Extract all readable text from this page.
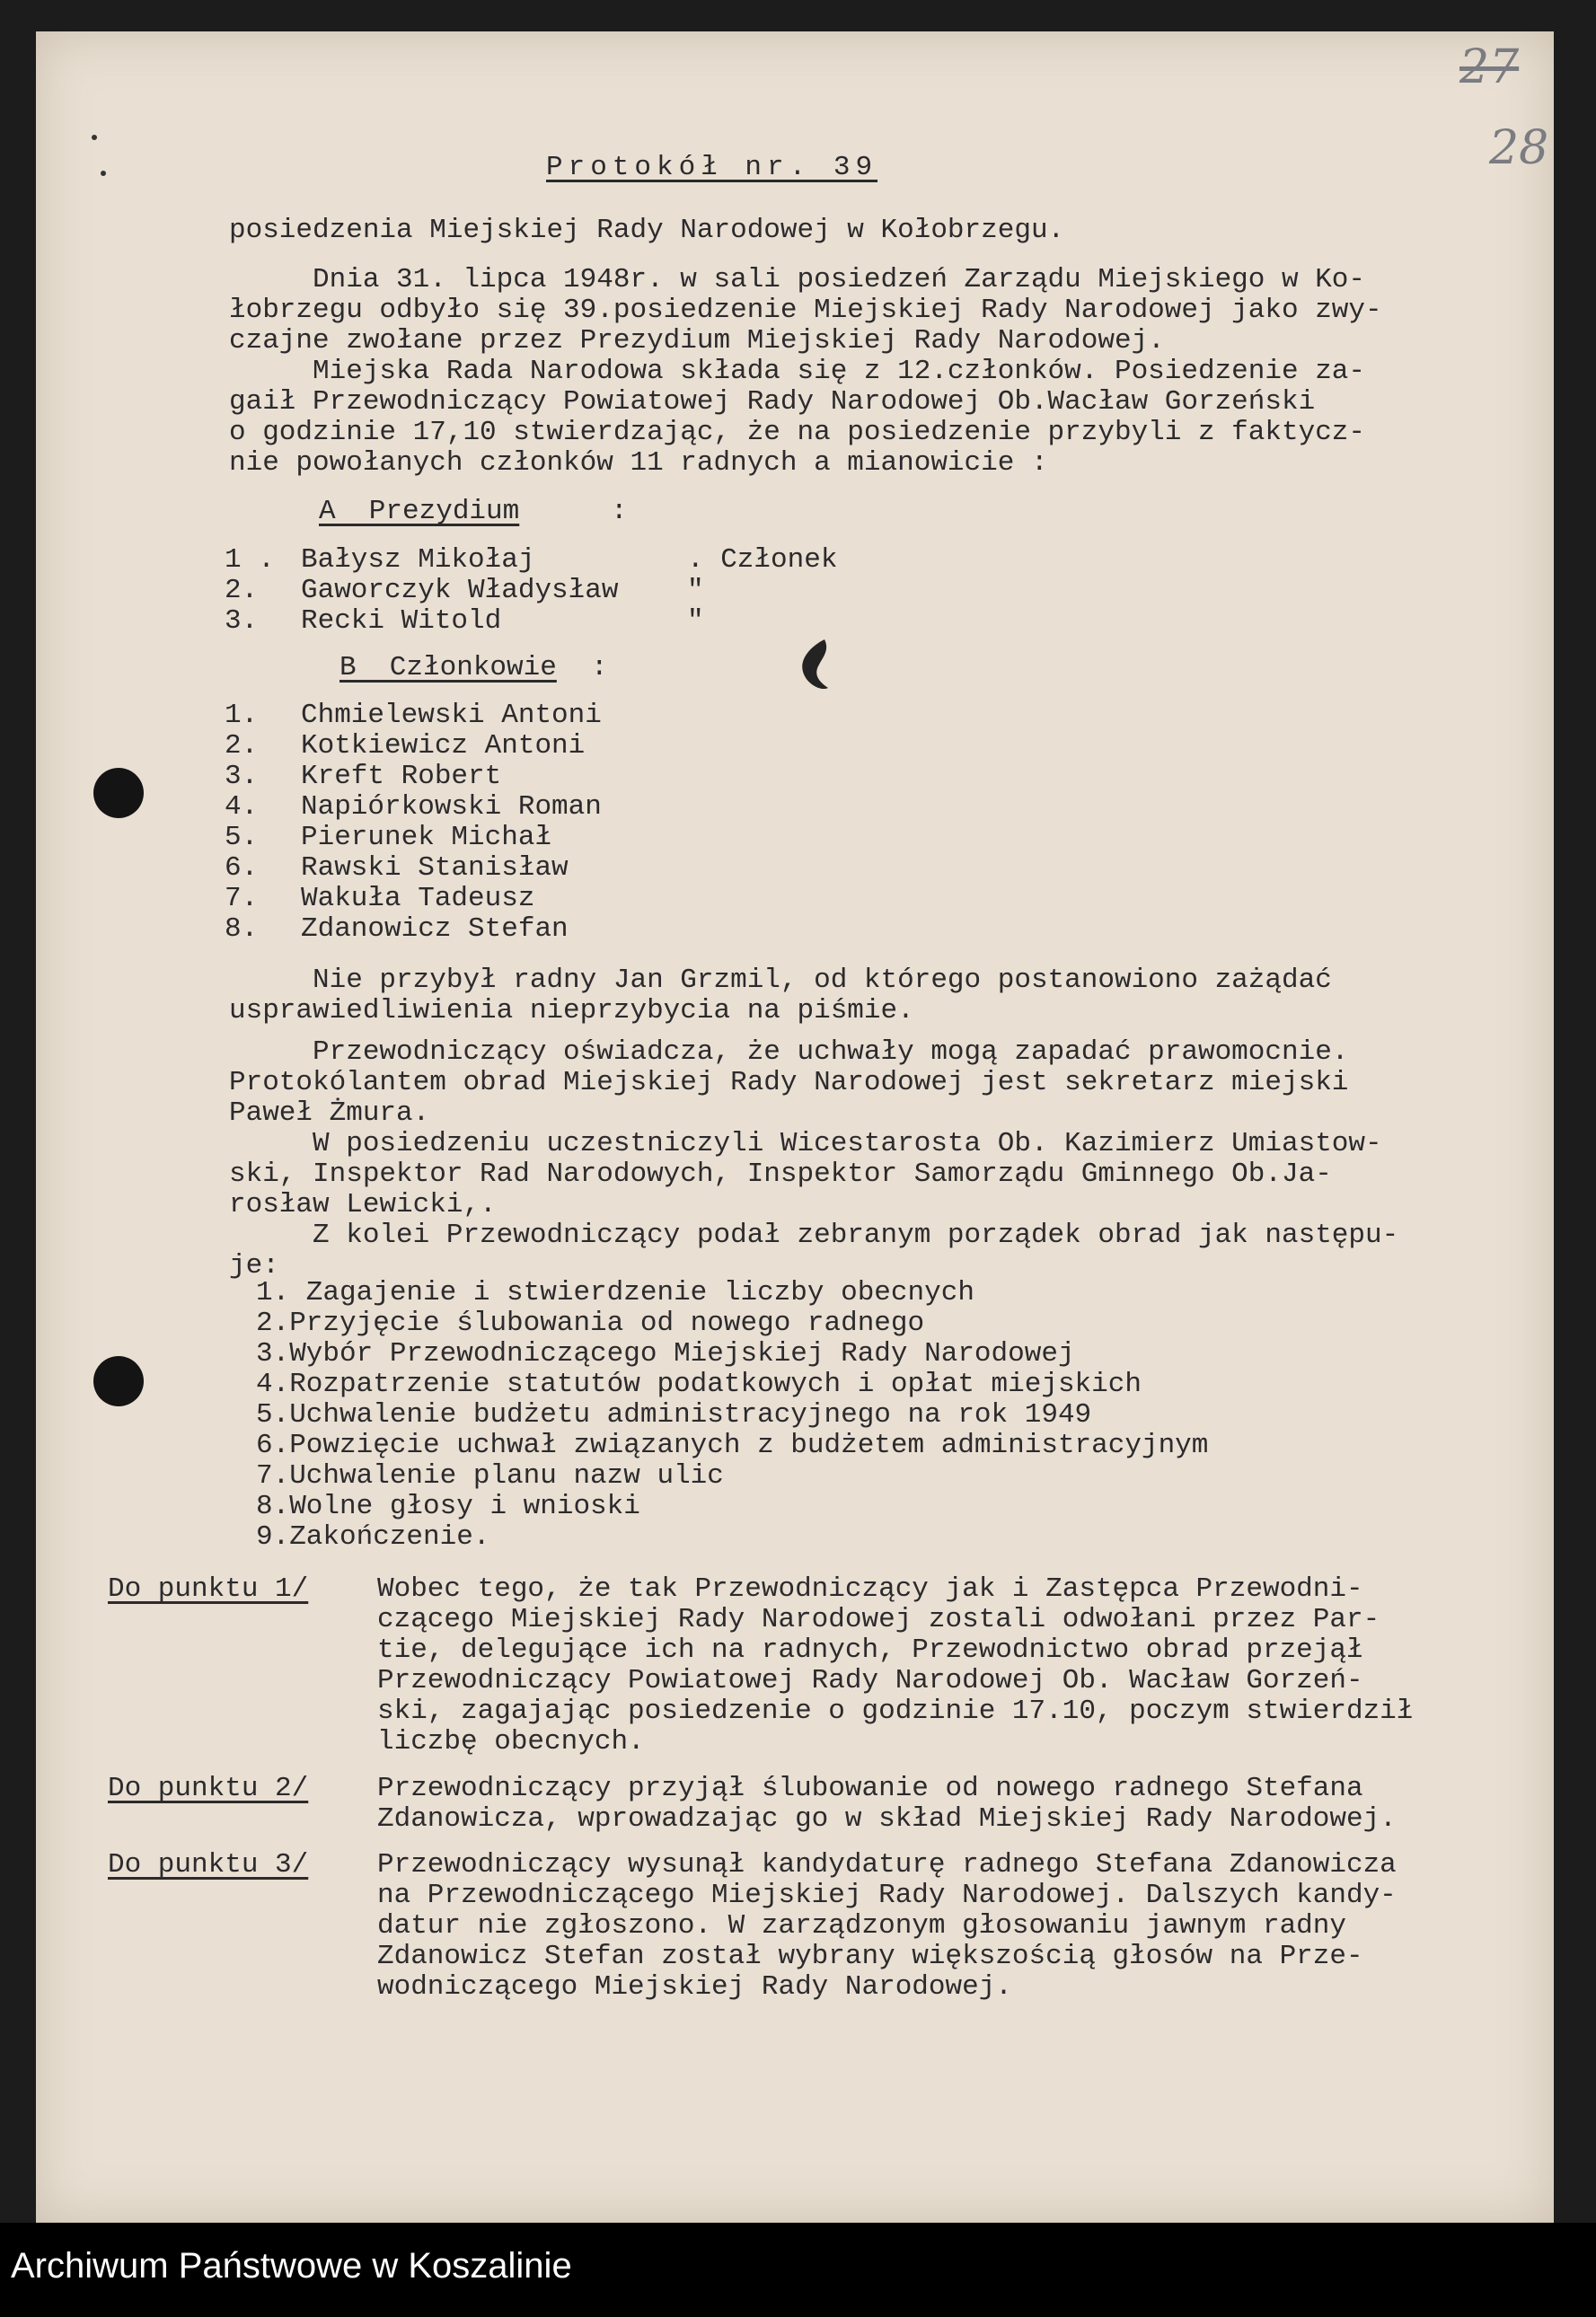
27
28
Protokół nr. 39
posiedzenia Miejskiej Rady Narodowej w Kołobrzegu.
Dnia 31. lipca 1948r. w sali posiedzeń Zarządu Miejskiego w Ko-
łobrzegu odbyło się 39.posiedzenie Miejskiej Rady Narodowej jako zwy-
czajne zwołane przez Prezydium Miejskiej Rady Narodowej.
Miejska Rada Narodowa składa się z 12.członków. Posiedzenie za-
gaił Przewodniczący Powiatowej Rady Narodowej Ob.Wacław Gorzeński
o godzinie 17,10 stwierdzając, że na posiedzenie przybyli z faktycz-
nie powołanych członków 11 radnych a mianowicie :
A  Prezydium	:
1 . Bałysz Mikołaj	. Członek
2. Gaworczyk Władysław "
3. Recki Witold	"
B  Członkowie :
1. Chmielewski Antoni
2. Kotkiewicz Antoni
3. Kreft Robert
4. Napiórkowski Roman
5. Pierunek Michał
6. Rawski Stanisław
7. Wakuła Tadeusz
8. Zdanowicz Stefan
Nie przybył radny Jan Grzmil, od którego postanowiono zażądać
usprawiedliwienia nieprzybycia na piśmie.
Przewodniczący oświadcza, że uchwały mogą zapadać prawomocnie.
Protokólantem obrad Miejskiej Rady Narodowej jest sekretarz miejski
Paweł Żmura.
W posiedzeniu uczestniczyli Wicestarosta Ob. Kazimierz Umiastow-
ski, Inspektor Rad Narodowych, Inspektor Samorządu Gminnego Ob.Ja-
rosław Lewicki,.
Z kolei Przewodniczący podał zebranym porządek obrad jak następu-
je:
1. Zagajenie i stwierdzenie liczby obecnych
2.Przyjęcie ślubowania od nowego radnego
3.Wybór Przewodniczącego Miejskiej Rady Narodowej
4.Rozpatrzenie statutów podatkowych i opłat miejskich
5.Uchwalenie budżetu administracyjnego na rok 1949
6.Powzięcie uchwał związanych z budżetem administracyjnym
7.Uchwalenie planu nazw ulic
8.Wolne głosy i wnioski
9.Zakończenie.
Do punktu 1/ Wobec tego, że tak Przewodniczący jak i Zastępca Przewodni-
czącego Miejskiej Rady Narodowej zostali odwołani przez Par-
tie, delegujące ich na radnych, Przewodnictwo obrad przejął
Przewodniczący Powiatowej Rady Narodowej Ob. Wacław Gorzeń-
ski, zagajając posiedzenie o godzinie 17.10, poczym stwierdził
liczbę obecnych.
Do punktu 2/ Przewodniczący przyjął ślubowanie od nowego radnego Stefana
Zdanowicza, wprowadzając go w skład Miejskiej Rady Narodowej.
Do punktu 3/ Przewodniczący wysunął kandydaturę radnego Stefana Zdanowicza
na Przewodniczącego Miejskiej Rady Narodowej. Dalszych kandy-
datur nie zgłoszono. W zarządzonym głosowaniu jawnym radny
Zdanowicz Stefan został wybrany większością głosów na Prze-
wodniczącego Miejskiej Rady Narodowej.
Archiwum Państwowe w Koszalinie
